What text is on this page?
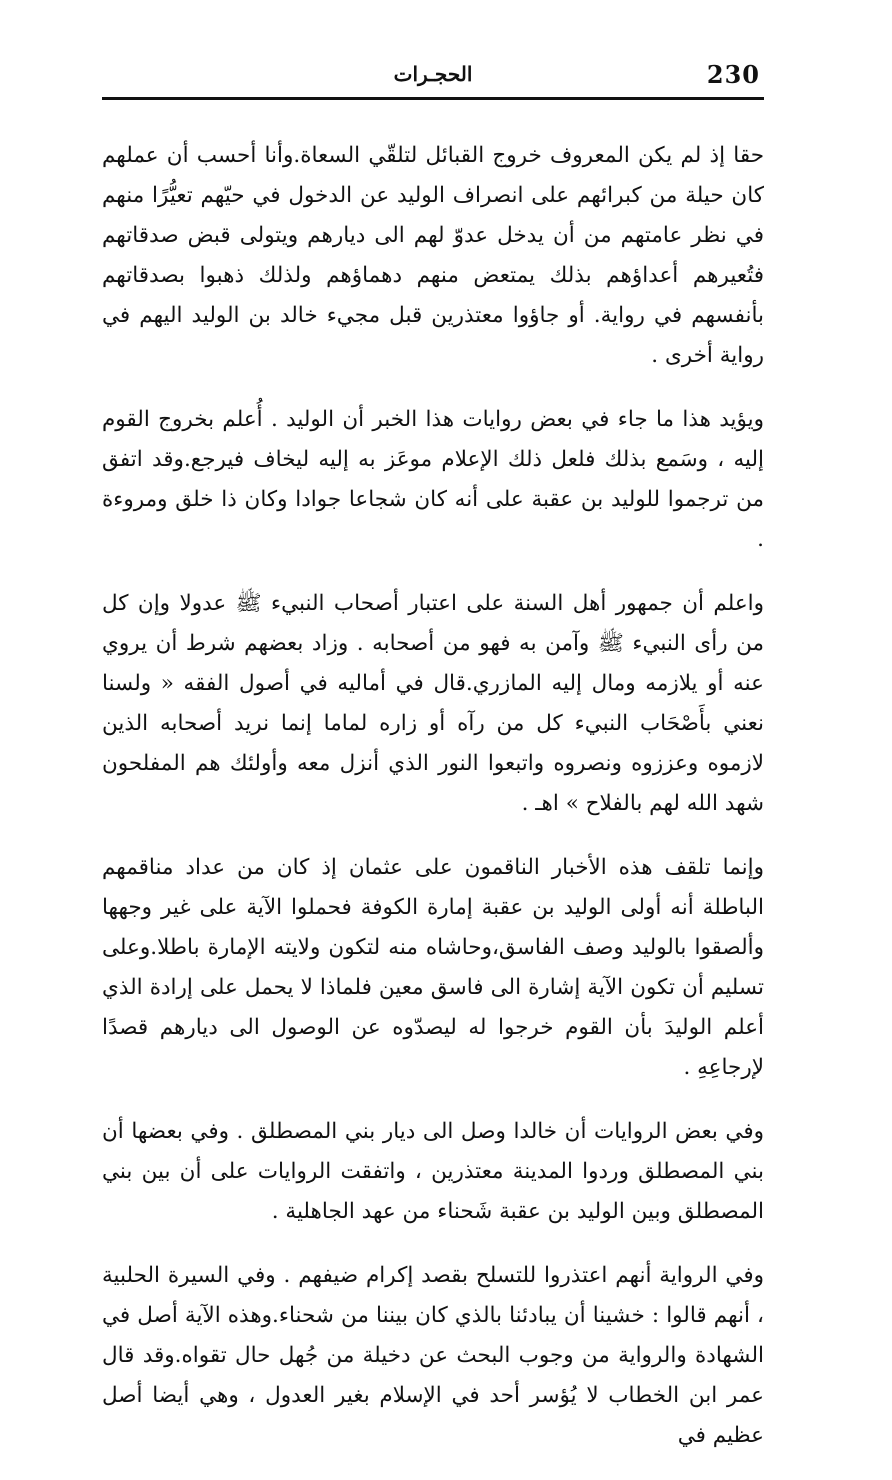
230
الحجـرات

حقا إذ لم يكن المعروف خروج القبائل لتلقّي السعاة.وأنا أحسب أن عملهم كان حيلة من كبرائهم على انصراف الوليد عن الدخول في حيّهم تعيُّرًا منهم في نظر عامتهم من أن يدخل عدوّ لهم الى ديارهم ويتولى قبض صدقاتهم فتُعيرهم أعداؤهم بذلك يمتعض منهم دهماؤهم ولذلك ذهبوا بصدقاتهم بأنفسهم في رواية. أو جاؤوا معتذرين قبل مجيء خالد بن الوليد اليهم في رواية أخرى .

ويؤيد هذا ما جاء في بعض روايات هذا الخبر أن الوليد . أُعلم بخروج القوم إليه ، وسَمع بذلك فلعل ذلك الإعلام موعَز به إليه ليخاف فيرجع.وقد اتفق من ترجموا للوليد بن عقبة على أنه كان شجاعا جوادا وكان ذا خلق ومروءة .

واعلم أن جمهور أهل السنة على اعتبار أصحاب النبيء ﷺ عدولا وإن كل من رأى النبيء ﷺ وآمن به فهو من أصحابه . وزاد بعضهم شرط أن يروي عنه أو يلازمه ومال إليه المازري.قال في أماليه في أصول الفقه « ولسنا نعني بأَصْحَاب النبيء كل من رآه أو زاره لماما إنما نريد أصحابه الذين لازموه وعززوه ونصروه واتبعوا النور الذي أنزل معه وأولئك هم المفلحون شهد الله لهم بالفلاح » اهـ .

وإنما تلقف هذه الأخبار الناقمون على عثمان إذ كان من عداد مناقمهم الباطلة أنه أولى الوليد بن عقبة إمارة الكوفة فحملوا الآية على غير وجهها وألصقوا بالوليد وصف الفاسق،وحاشاه منه لتكون ولايته الإمارة باطلا.وعلى تسليم أن تكون الآية إشارة الى فاسق معين فلماذا لا يحمل على إرادة الذي أعلم الوليدَ بأن القوم خرجوا له ليصدّوه عن الوصول الى ديارهم قصدًا لإرجاعِهِ .

وفي بعض الروايات أن خالدا وصل الى ديار بني المصطلق . وفي بعضها أن بني المصطلق وردوا المدينة معتذرين ، واتفقت الروايات على أن بين بني المصطلق وبين الوليد بن عقبة شَحناء من عهد الجاهلية .

وفي الرواية أنهم اعتذروا للتسلح بقصد إكرام ضيفهم . وفي السيرة الحلبية ، أنهم قالوا : خشينا أن يبادئنا بالذي كان بيننا من شحناء.وهذه الآية أصل في الشهادة والرواية من وجوب البحث عن دخيلة من جُهل حال تقواه.وقد قال عمر ابن الخطاب لا يُؤسر أحد في الإسلام بغير العدول ، وهي أيضا أصل عظيم في
